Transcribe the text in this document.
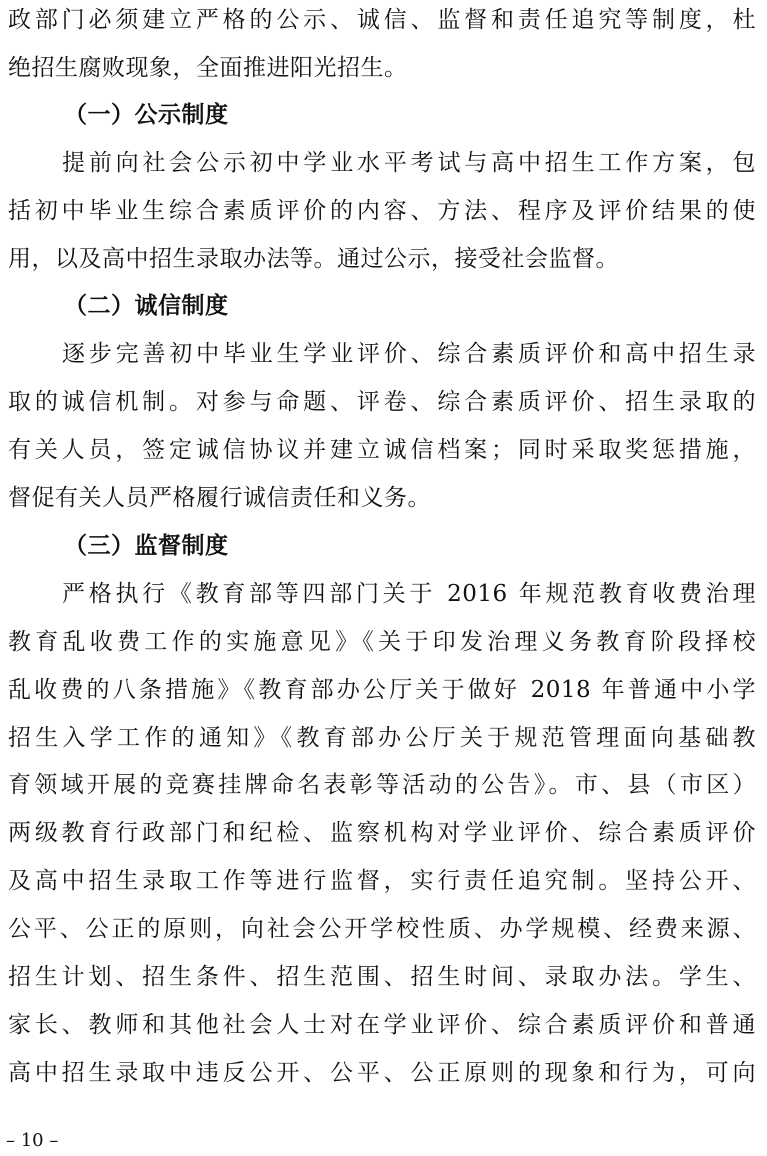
政部门必须建立严格的公示、诚信、监督和责任追究等制度，杜
绝招生腐败现象，全面推进阳光招生。
（一）公示制度
提前向社会公示初中学业水平考试与高中招生工作方案，包
括初中毕业生综合素质评价的内容、方法、程序及评价结果的使
用，以及高中招生录取办法等。通过公示，接受社会监督。
（二）诚信制度
逐步完善初中毕业生学业评价、综合素质评价和高中招生录
取的诚信机制。对参与命题、评卷、综合素质评价、招生录取的
有关人员，签定诚信协议并建立诚信档案；同时采取奖惩措施，
督促有关人员严格履行诚信责任和义务。
（三）监督制度
严格执行《教育部等四部门关于 2016 年规范教育收费治理
教育乱收费工作的实施意见》《关于印发治理义务教育阶段择校
乱收费的八条措施》《教育部办公厅关于做好 2018 年普通中小学
招生入学工作的通知》《教育部办公厅关于规范管理面向基础教
育领域开展的竞赛挂牌命名表彰等活动的公告》。市、县（市区）
两级教育行政部门和纪检、监察机构对学业评价、综合素质评价
及高中招生录取工作等进行监督，实行责任追究制。坚持公开、
公平、公正的原则，向社会公开学校性质、办学规模、经费来源、
招生计划、招生条件、招生范围、招生时间、录取办法。学生、
家长、教师和其他社会人士对在学业评价、综合素质评价和普通
高中招生录取中违反公开、公平、公正原则的现象和行为，可向
– 10 –
